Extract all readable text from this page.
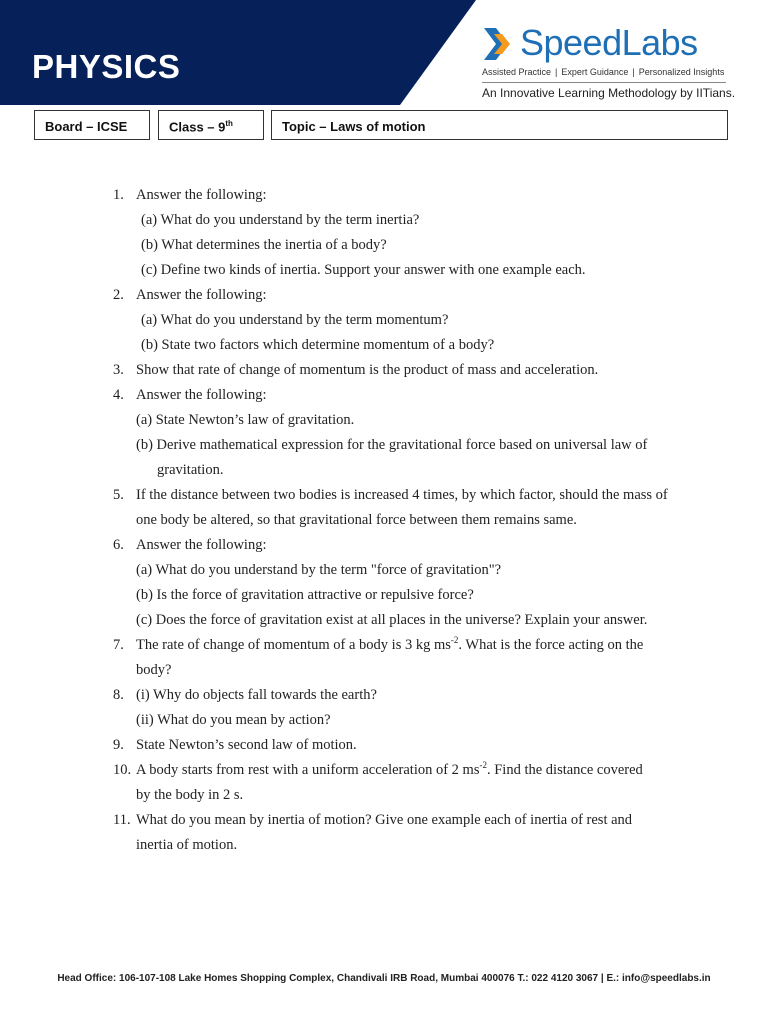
PHYSICS
SpeedLabs
Assisted Practice | Expert Guidance | Personalized Insights
An Innovative Learning Methodology by IITians.
Board – ICSE	Class – 9th	Topic – Laws of motion
1. Answer the following:
(a) What do you understand by the term inertia?
(b) What determines the inertia of a body?
(c) Define two kinds of inertia. Support your answer with one example each.
2. Answer the following:
(a) What do you understand by the term momentum?
(b) State two factors which determine momentum of a body?
3. Show that rate of change of momentum is the product of mass and acceleration.
4. Answer the following:
(a) State Newton’s law of gravitation.
(b) Derive mathematical expression for the gravitational force based on universal law of
gravitation.
5. If the distance between two bodies is increased 4 times, by which factor, should the mass of
one body be altered, so that gravitational force between them remains same.
6. Answer the following:
(a) What do you understand by the term "force of gravitation"?
(b) Is the force of gravitation attractive or repulsive force?
(c) Does the force of gravitation exist at all places in the universe? Explain your answer.
7. The rate of change of momentum of a body is 3 kg $ms^{-2}$. What is the force acting on the
body?
8. (i) Why do objects fall towards the earth?
(ii) What do you mean by action?
9. State Newton’s second law of motion.
10. A body starts from rest with a uniform acceleration of 2 $ms^{-2}$. Find the distance covered
by the body in 2 s.
11. What do you mean by inertia of motion? Give one example each of inertia of rest and
inertia of motion.
Head Office: 106-107-108 Lake Homes Shopping Complex, Chandivali IRB Road, Mumbai 400076 T.: 022 4120 3067 | E.: info@speedlabs.in
